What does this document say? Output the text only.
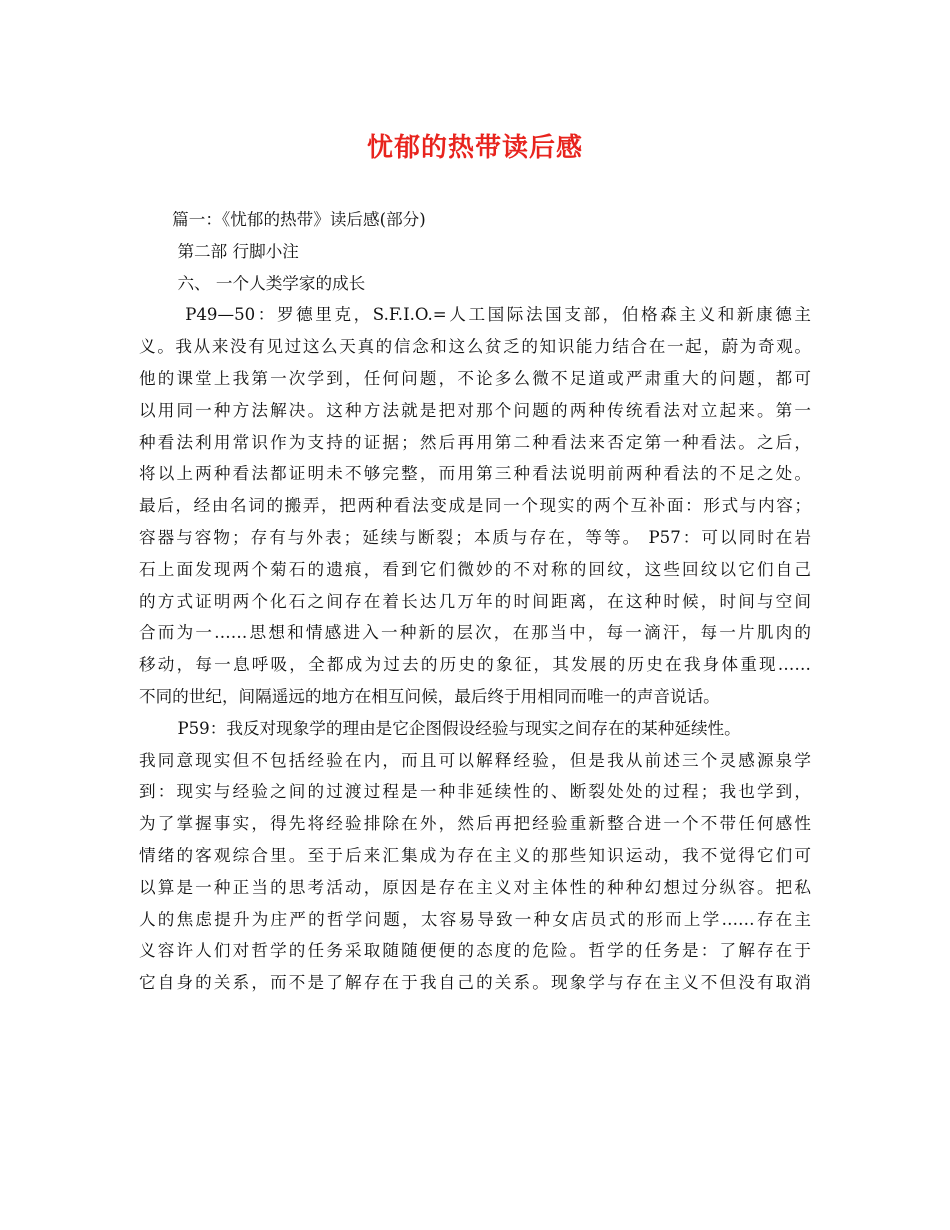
忧郁的热带读后感
　　篇一：《忧郁的热带》读后感(部分)
　　 第二部 行脚小注
　　 六、 一个人类学家的成长
　　 P49—50：罗德里克，S.F.I.O.=人工国际法国支部，伯格森主义和新康德主
义。我从来没有见过这么天真的信念和这么贫乏的知识能力结合在一起，蔚为奇观。
他的课堂上我第一次学到，任何问题，不论多么微不足道或严肃重大的问题，都可
以用同一种方法解决。这种方法就是把对那个问题的两种传统看法对立起来。第一
种看法利用常识作为支持的证据；然后再用第二种看法来否定第一种看法。之后，
将以上两种看法都证明未不够完整，而用第三种看法说明前两种看法的不足之处。
最后，经由名词的搬弄，把两种看法变成是同一个现实的两个互补面：形式与内容；
容器与容物；存有与外表；延续与断裂；本质与存在，等等。 P57：可以同时在岩
石上面发现两个菊石的遗痕，看到它们微妙的不对称的回纹，这些回纹以它们自己
的方式证明两个化石之间存在着长达几万年的时间距离，在这种时候，时间与空间
合而为一……思想和情感进入一种新的层次，在那当中，每一滴汗，每一片肌肉的
移动，每一息呼吸，全都成为过去的历史的象征，其发展的历史在我身体重现……
不同的世纪，间隔遥远的地方在相互问候，最后终于用相同而唯一的声音说话。
　　 P59：我反对现象学的理由是它企图假设经验与现实之间存在的某种延续性。
我同意现实但不包括经验在内，而且可以解释经验，但是我从前述三个灵感源泉学
到：现实与经验之间的过渡过程是一种非延续性的、断裂处处的过程；我也学到，
为了掌握事实，得先将经验排除在外，然后再把经验重新整合进一个不带任何感性
情绪的客观综合里。至于后来汇集成为存在主义的那些知识运动，我不觉得它们可
以算是一种正当的思考活动，原因是存在主义对主体性的种种幻想过分纵容。把私
人的焦虑提升为庄严的哲学问题，太容易导致一种女店员式的形而上学……存在主
义容许人们对哲学的任务采取随随便便的态度的危险。哲学的任务是：了解存在于
它自身的关系，而不是了解存在于我自己的关系。现象学与存在主义不但没有取消
